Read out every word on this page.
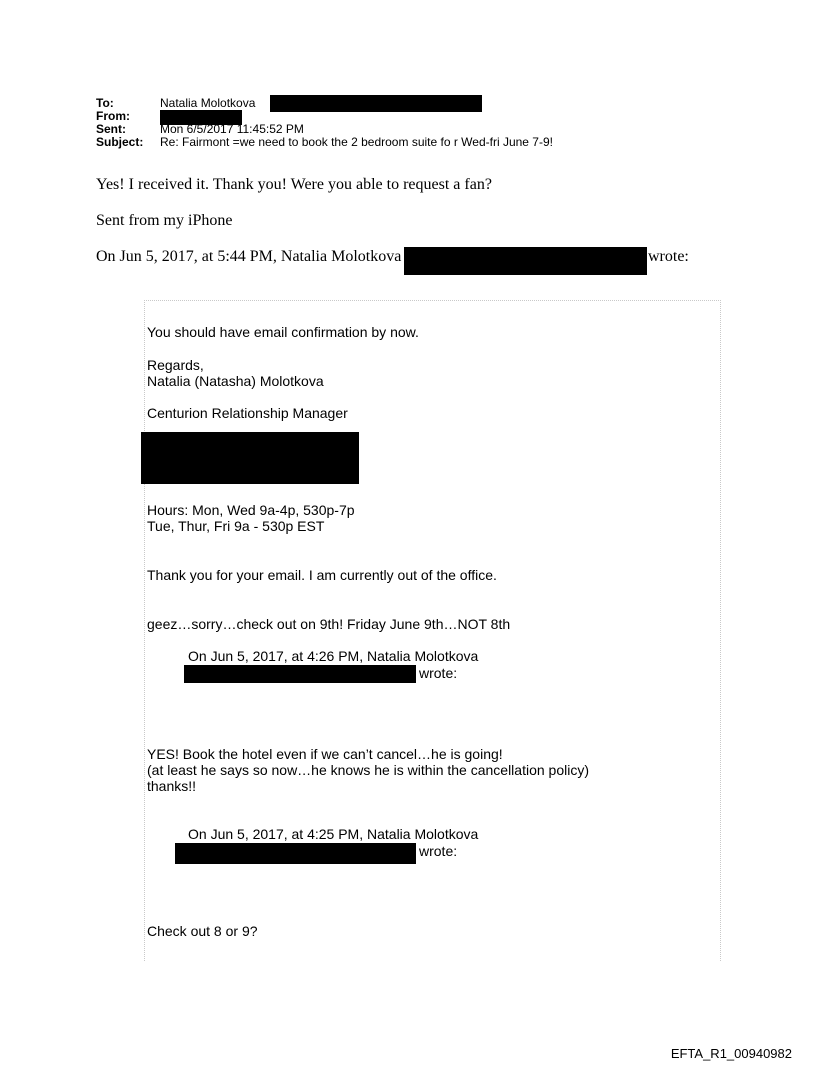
To:	Natalia Molotkova
From:
Sent:	Mon 6/5/2017 11:45:52 PM
Subject: Re: Fairmont =we need to book the 2 bedroom suite fo r Wed-fri June 7-9!
Yes! I received it. Thank you! Were you able to request a fan?
Sent from my iPhone
On Jun 5, 2017, at 5:44 PM, Natalia Molotkova	wrote:
You should have email confirmation by now.
Regards,
Natalia (Natasha) Molotkova
Centurion Relationship Manager
Hours: Mon, Wed 9a-4p, 530p-7p
Tue, Thur, Fri 9a - 530p EST
Thank you for your email. I am currently out of the office.
geez…sorry…check out on 9th! Friday June 9th…NOT 8th
On Jun 5, 2017, at 4:26 PM, Natalia Molotkova
wrote:
YES! Book the hotel even if we can’t cancel…he is going!
(at least he says so now…he knows he is within the cancellation policy)
thanks!!
On Jun 5, 2017, at 4:25 PM, Natalia Molotkova
wrote:
Check out 8 or 9?
EFTA_R1_00940982
